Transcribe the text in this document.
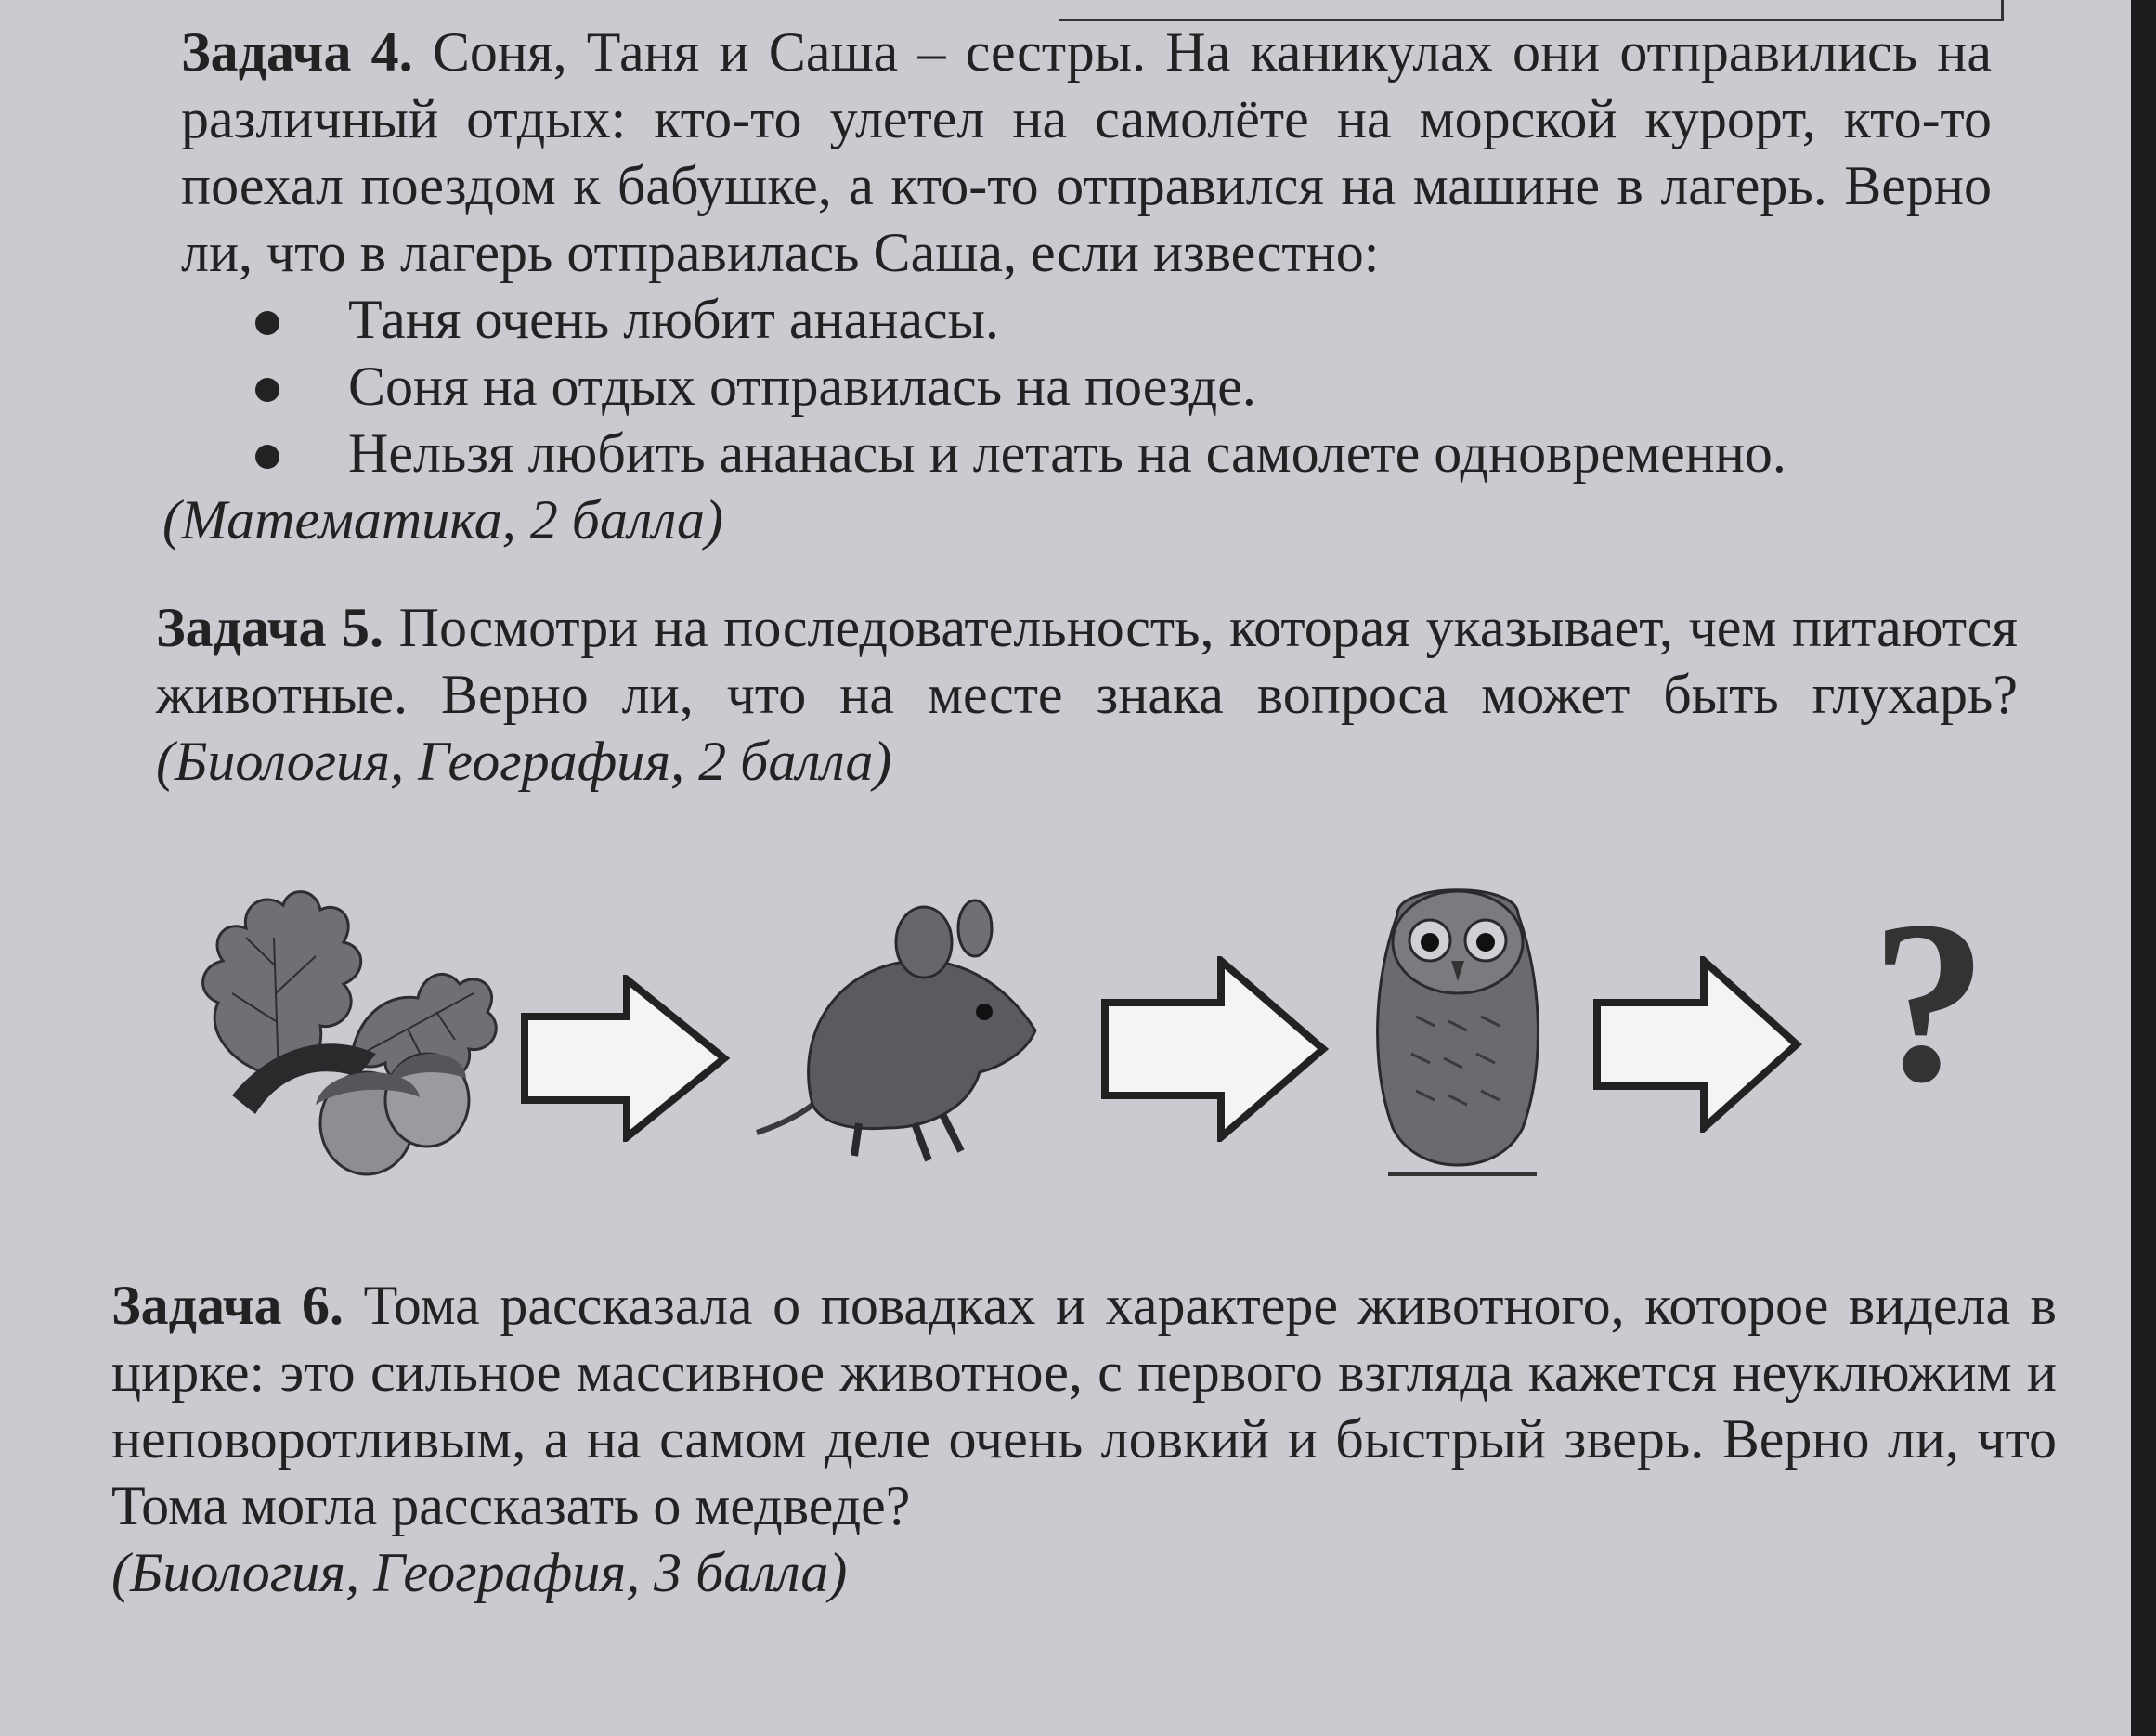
Задача 4. Соня, Таня и Саша – сестры. На каникулах они отправились на различный отдых: кто-то улетел на самолёте на морской курорт, кто-то поехал поездом к бабушке, а кто-то отправился на машине в лагерь. Верно ли, что в лагерь отправилась Саша, если известно:

Таня очень любит ананасы.
Соня на отдых отправилась на поезде.
Нельзя любить ананасы и летать на самолете одновременно.

(Математика, 2 балла)

Задача 5. Посмотри на последовательность, которая указывает, чем питаются животные. Верно ли, что на месте знака вопроса может быть глухарь? (Биология, География, 2 балла)

?

Задача 6. Тома рассказала о повадках и характере животного, которое видела в цирке: это сильное массивное животное, с первого взгляда кажется неуклюжим и неповоротливым, а на самом деле очень ловкий и быстрый зверь. Верно ли, что Тома могла рассказать о медведе?

(Биология, География, 3 балла)
